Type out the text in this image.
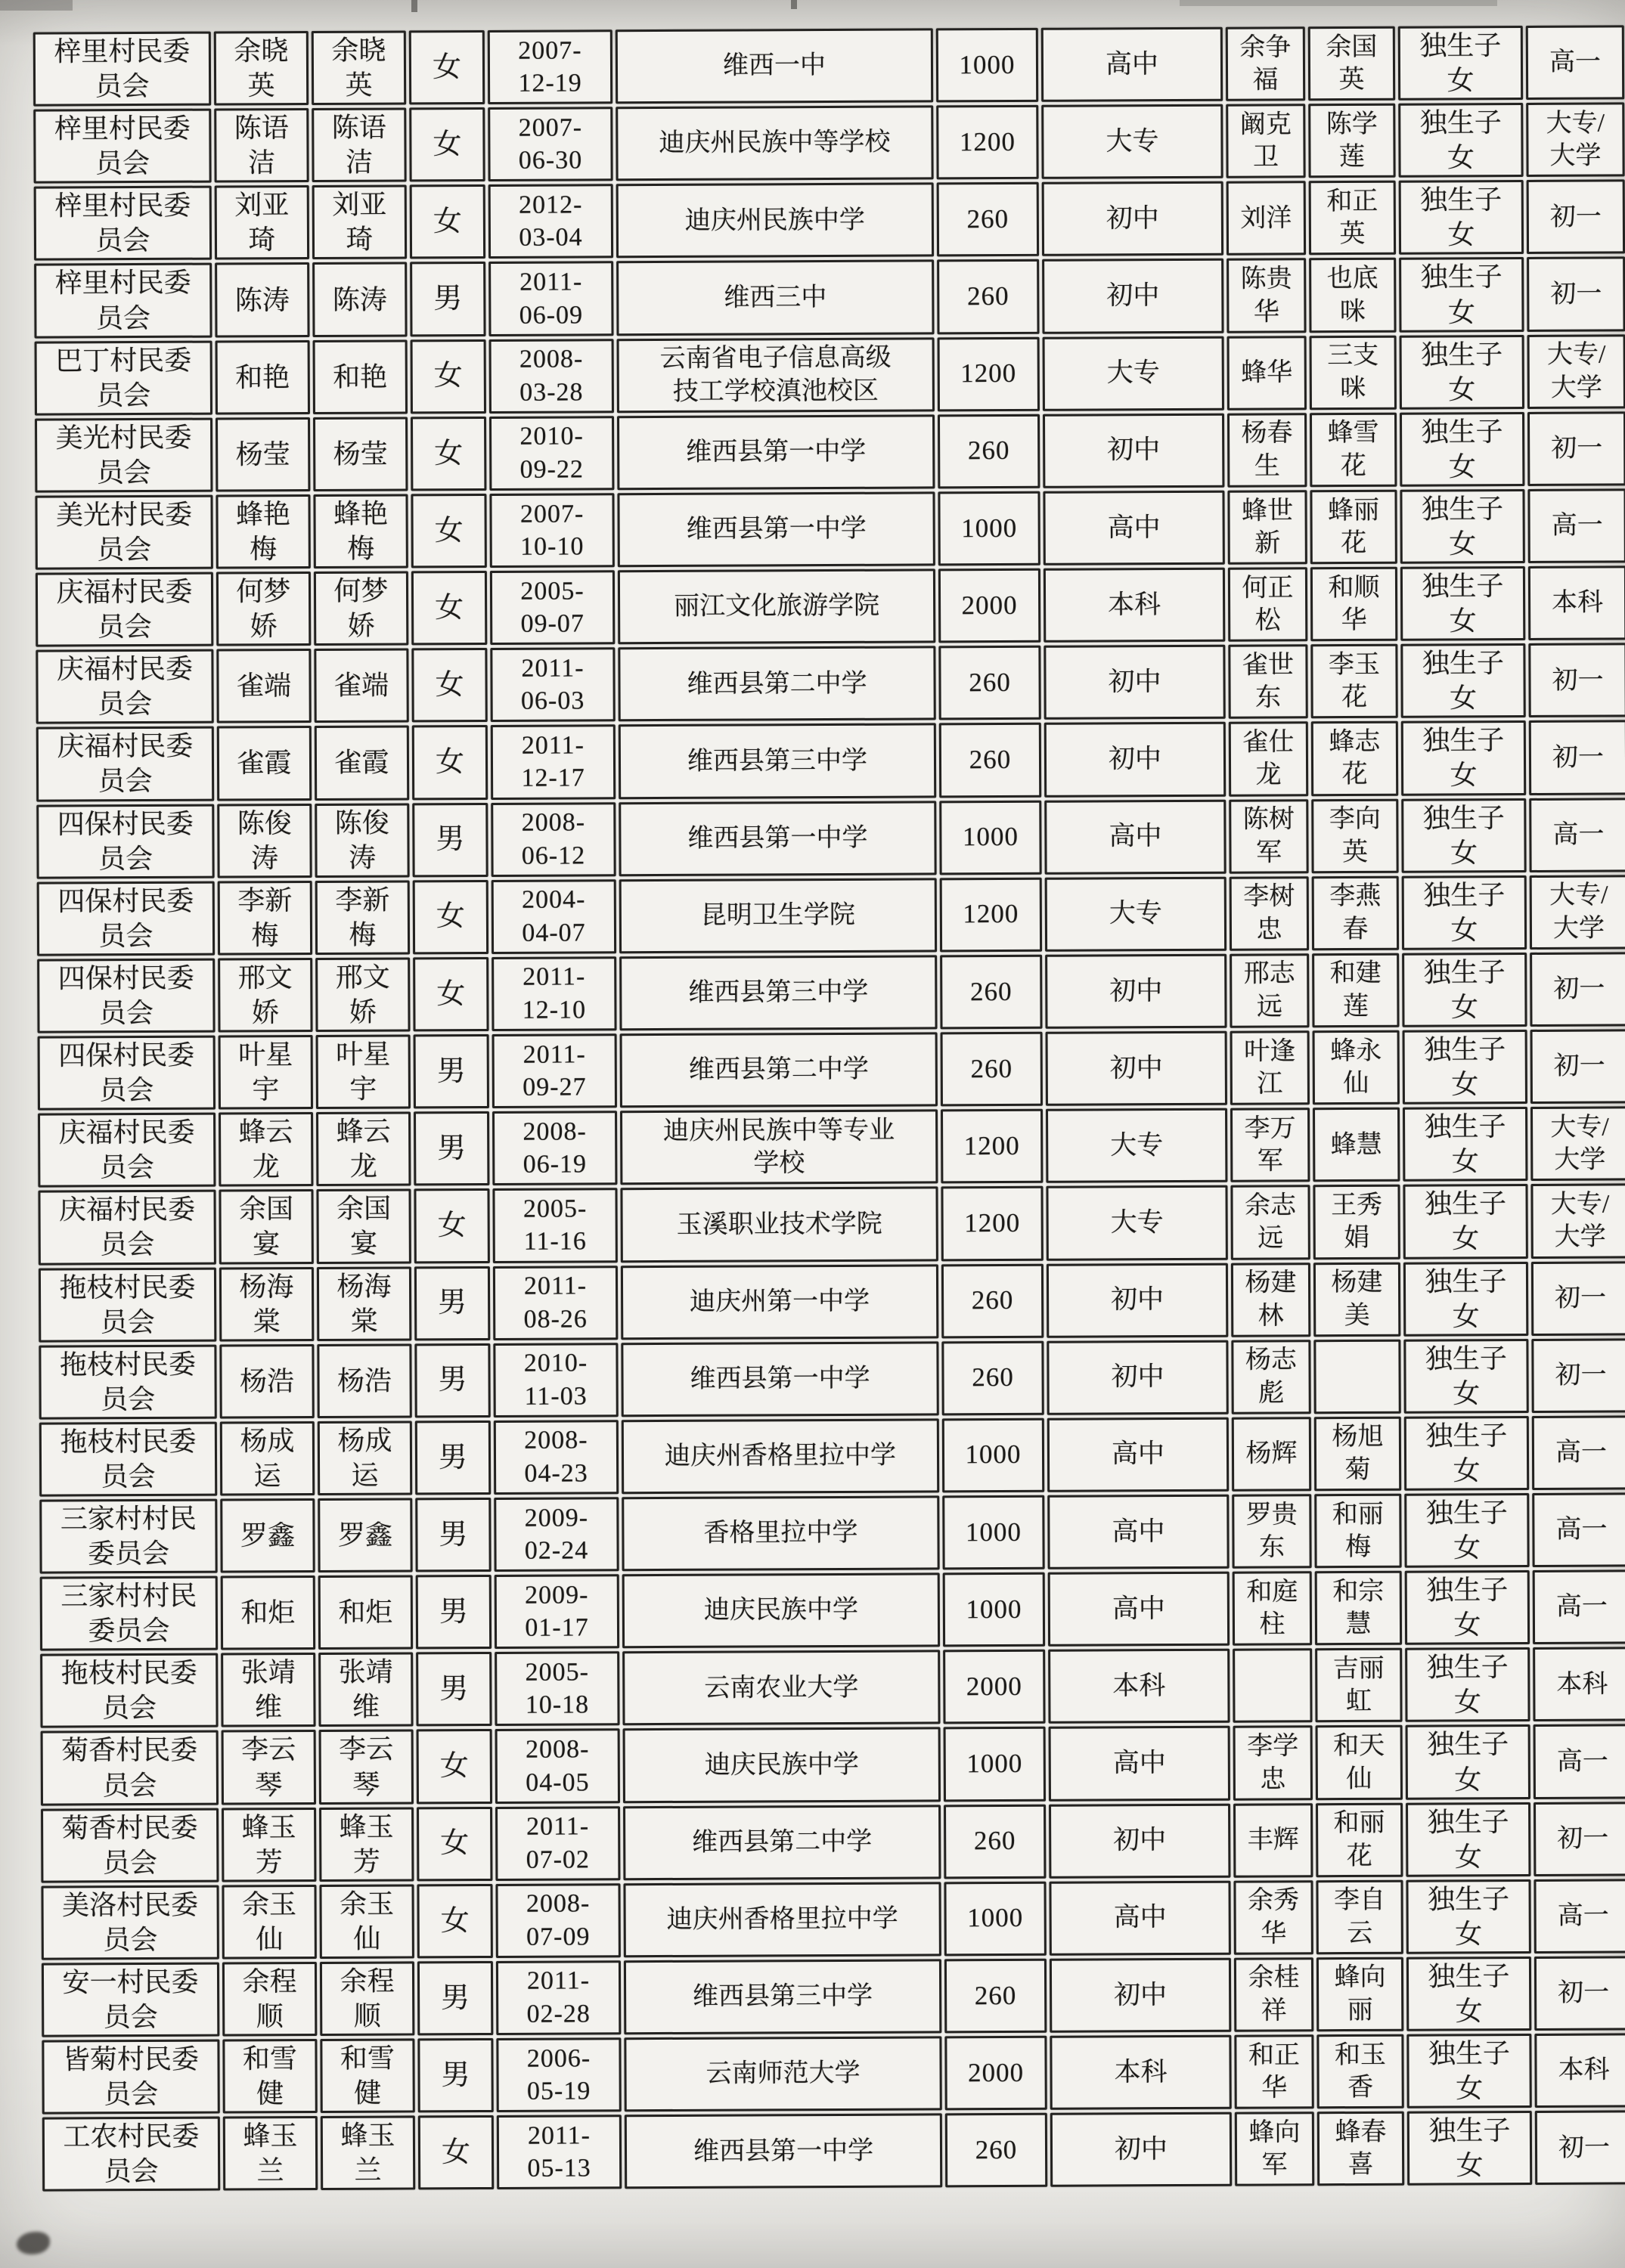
梓里村民委员会	余晓英	余晓英	女	2007-
12-19	维西一中	1000	高中	余争福	余国英	独生子女	高一
梓里村民委员会	陈语洁	陈语洁	女	2007-
06-30	迪庆州民族中等学校	1200	大专	阚克卫	陈学莲	独生子女	大专/大学
梓里村民委员会	刘亚琦	刘亚琦	女	2012-
03-04	迪庆州民族中学	260	初中	刘洋	和正英	独生子女	初一
梓里村民委员会	陈涛	陈涛	男	2011-
06-09	维西三中	260	初中	陈贵华	也底咪	独生子女	初一
巴丁村民委员会	和艳	和艳	女	2008-
03-28	云南省电子信息高级技工学校滇池校区	1200	大专	蜂华	三支咪	独生子女	大专/大学
美光村民委员会	杨莹	杨莹	女	2010-
09-22	维西县第一中学	260	初中	杨春生	蜂雪花	独生子女	初一
美光村民委员会	蜂艳梅	蜂艳梅	女	2007-
10-10	维西县第一中学	1000	高中	蜂世新	蜂丽花	独生子女	高一
庆福村民委员会	何梦娇	何梦娇	女	2005-
09-07	丽江文化旅游学院	2000	本科	何正松	和顺华	独生子女	本科
庆福村民委员会	雀端	雀端	女	2011-
06-03	维西县第二中学	260	初中	雀世东	李玉花	独生子女	初一
庆福村民委员会	雀霞	雀霞	女	2011-
12-17	维西县第三中学	260	初中	雀仕龙	蜂志花	独生子女	初一
四保村民委员会	陈俊涛	陈俊涛	男	2008-
06-12	维西县第一中学	1000	高中	陈树军	李向英	独生子女	高一
四保村民委员会	李新梅	李新梅	女	2004-
04-07	昆明卫生学院	1200	大专	李树忠	李燕春	独生子女	大专/大学
四保村民委员会	邢文娇	邢文娇	女	2011-
12-10	维西县第三中学	260	初中	邢志远	和建莲	独生子女	初一
四保村民委员会	叶星宇	叶星宇	男	2011-
09-27	维西县第二中学	260	初中	叶逢江	蜂永仙	独生子女	初一
庆福村民委员会	蜂云龙	蜂云龙	男	2008-
06-19	迪庆州民族中等专业学校	1200	大专	李万军	蜂慧	独生子女	大专/大学
庆福村民委员会	余国宴	余国宴	女	2005-
11-16	玉溪职业技术学院	1200	大专	余志远	王秀娟	独生子女	大专/大学
拖枝村民委员会	杨海棠	杨海棠	男	2011-
08-26	迪庆州第一中学	260	初中	杨建林	杨建美	独生子女	初一
拖枝村民委员会	杨浩	杨浩	男	2010-
11-03	维西县第一中学	260	初中	杨志彪		独生子女	初一
拖枝村民委员会	杨成运	杨成运	男	2008-
04-23	迪庆州香格里拉中学	1000	高中	杨辉	杨旭菊	独生子女	高一
三家村村民委员会	罗鑫	罗鑫	男	2009-
02-24	香格里拉中学	1000	高中	罗贵东	和丽梅	独生子女	高一
三家村村民委员会	和炬	和炬	男	2009-
01-17	迪庆民族中学	1000	高中	和庭柱	和宗慧	独生子女	高一
拖枝村民委员会	张靖维	张靖维	男	2005-
10-18	云南农业大学	2000	本科		吉丽虹	独生子女	本科
菊香村民委员会	李云琴	李云琴	女	2008-
04-05	迪庆民族中学	1000	高中	李学忠	和天仙	独生子女	高一
菊香村民委员会	蜂玉芳	蜂玉芳	女	2011-
07-02	维西县第二中学	260	初中	丰辉	和丽花	独生子女	初一
美洛村民委员会	余玉仙	余玉仙	女	2008-
07-09	迪庆州香格里拉中学	1000	高中	余秀华	李自云	独生子女	高一
安一村民委员会	余程顺	余程顺	男	2011-
02-28	维西县第三中学	260	初中	余桂祥	蜂向丽	独生子女	初一
皆菊村民委员会	和雪健	和雪健	男	2006-
05-19	云南师范大学	2000	本科	和正华	和玉香	独生子女	本科
工农村民委员会	蜂玉兰	蜂玉兰	女	2011-
05-13	维西县第一中学	260	初中	蜂向军	蜂春喜	独生子女	初一
